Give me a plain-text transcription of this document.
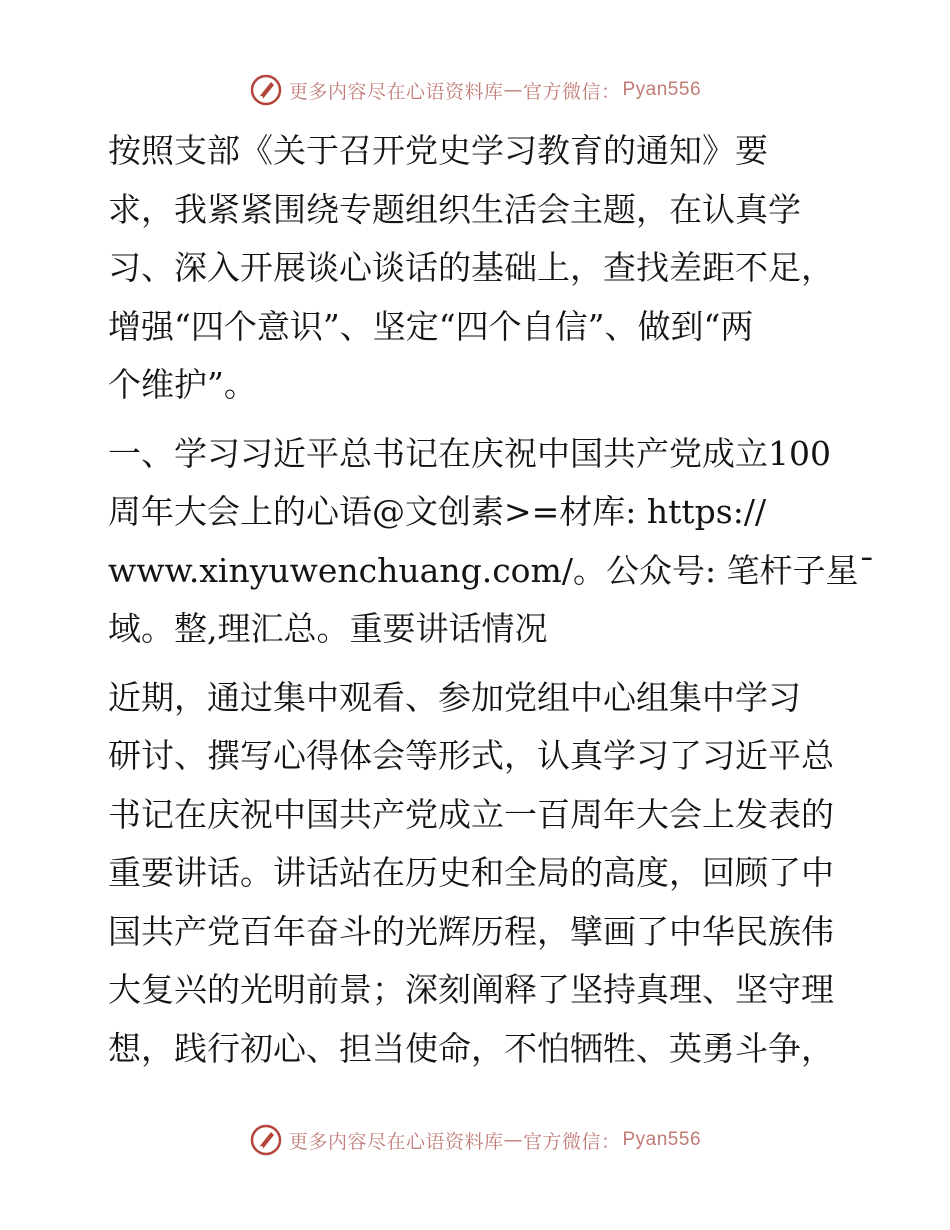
更多内容尽在心语资料库 — 官方微信： Pyan556

按照支部《关于召开党史学习教育的通知》要
求，我紧紧围绕专题组织生活会主题，在认真学
习、深入开展谈心谈话的基础上，查找差距不足，
增强“四个意识”、坚定“四个自信”、做到“两
个维护”。

一、学习习近平总书记在庆祝中国共产党成立100
周年大会上的心语@文创素>=材库: https://
www.xinyuwenchuang.com/。公众号: 笔杆子星¯
域。整,理汇总。重要讲话情况

近期，通过集中观看、参加党组中心组集中学习
研讨、撰写心得体会等形式，认真学习了习近平总
书记在庆祝中国共产党成立一百周年大会上发表的
重要讲话。讲话站在历史和全局的高度，回顾了中
国共产党百年奋斗的光辉历程，擘画了中华民族伟
大复兴的光明前景；深刻阐释了坚持真理、坚守理
想，践行初心、担当使命，不怕牺牲、英勇斗争，

更多内容尽在心语资料库 — 官方微信： Pyan556
